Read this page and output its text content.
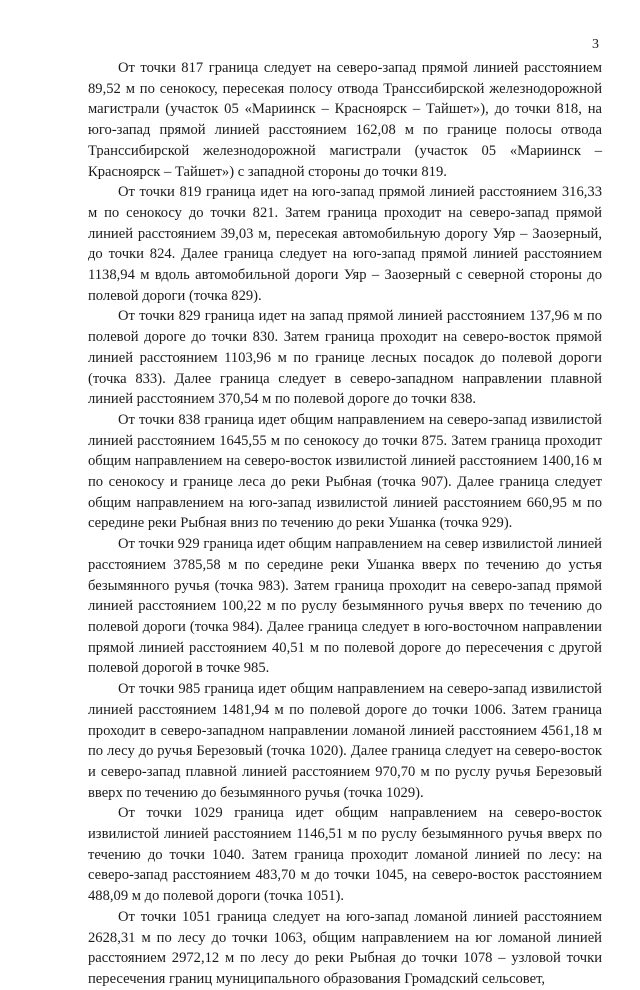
3

От точки 817 граница следует на северо-запад прямой линией расстоянием 89,52 м по сенокосу, пересекая полосу отвода Транссибирской железнодорожной магистрали (участок 05 «Мариинск – Красноярск – Тайшет»), до точки 818, на юго-запад прямой линией расстоянием 162,08 м по границе полосы отвода Транссибирской железнодорожной магистрали (участок 05 «Мариинск – Красноярск – Тайшет») с западной стороны до точки 819.

От точки 819 граница идет на юго-запад прямой линией расстоянием 316,33 м по сенокосу до точки 821. Затем граница проходит на северо-запад прямой линией расстоянием 39,03 м, пересекая автомобильную дорогу Уяр – Заозерный, до точки 824. Далее граница следует на юго-запад прямой линией расстоянием 1138,94 м вдоль автомобильной дороги Уяр – Заозерный с северной стороны до полевой дороги (точка 829).

От точки 829 граница идет на запад прямой линией расстоянием 137,96 м по полевой дороге до точки 830. Затем граница проходит на северо-восток прямой линией расстоянием 1103,96 м по границе лесных посадок до полевой дороги (точка 833). Далее граница следует в северо-западном направлении плавной линией расстоянием 370,54 м по полевой дороге до точки 838.

От точки 838 граница идет общим направлением на северо-запад извилистой линией расстоянием 1645,55 м по сенокосу до точки 875. Затем граница проходит общим направлением на северо-восток извилистой линией расстоянием 1400,16 м по сенокосу и границе леса до реки Рыбная (точка 907). Далее граница следует общим направлением на юго-запад извилистой линией расстоянием 660,95 м по середине реки Рыбная вниз по течению до реки Ушанка (точка 929).

От точки 929 граница идет общим направлением на север извилистой линией расстоянием 3785,58 м по середине реки Ушанка вверх по течению до устья безымянного ручья (точка 983). Затем граница проходит на северо-запад прямой линией расстоянием 100,22 м по руслу безымянного ручья вверх по течению до полевой дороги (точка 984). Далее граница следует в юго-восточном направлении прямой линией расстоянием 40,51 м по полевой дороге до пересечения с другой полевой дорогой в точке 985.

От точки 985 граница идет общим направлением на северо-запад извилистой линией расстоянием 1481,94 м по полевой дороге до точки 1006. Затем граница проходит в северо-западном направлении ломаной линией расстоянием 4561,18 м по лесу до ручья Березовый (точка 1020). Далее граница следует на северо-восток и северо-запад плавной линией расстоянием 970,70 м по руслу ручья Березовый вверх по течению до безымянного ручья (точка 1029).

От точки 1029 граница идет общим направлением на северо-восток извилистой линией расстоянием 1146,51 м по руслу безымянного ручья вверх по течению до точки 1040. Затем граница проходит ломаной линией по лесу: на северо-запад расстоянием 483,70 м до точки 1045, на северо-восток расстоянием 488,09 м до полевой дороги (точка 1051).

От точки 1051 граница следует на юго-запад ломаной линией расстоянием 2628,31 м по лесу до точки 1063, общим направлением на юг ломаной линией расстоянием 2972,12 м по лесу до реки Рыбная до точки 1078 – узловой точки пересечения границ муниципального образования Громадский сельсовет,
